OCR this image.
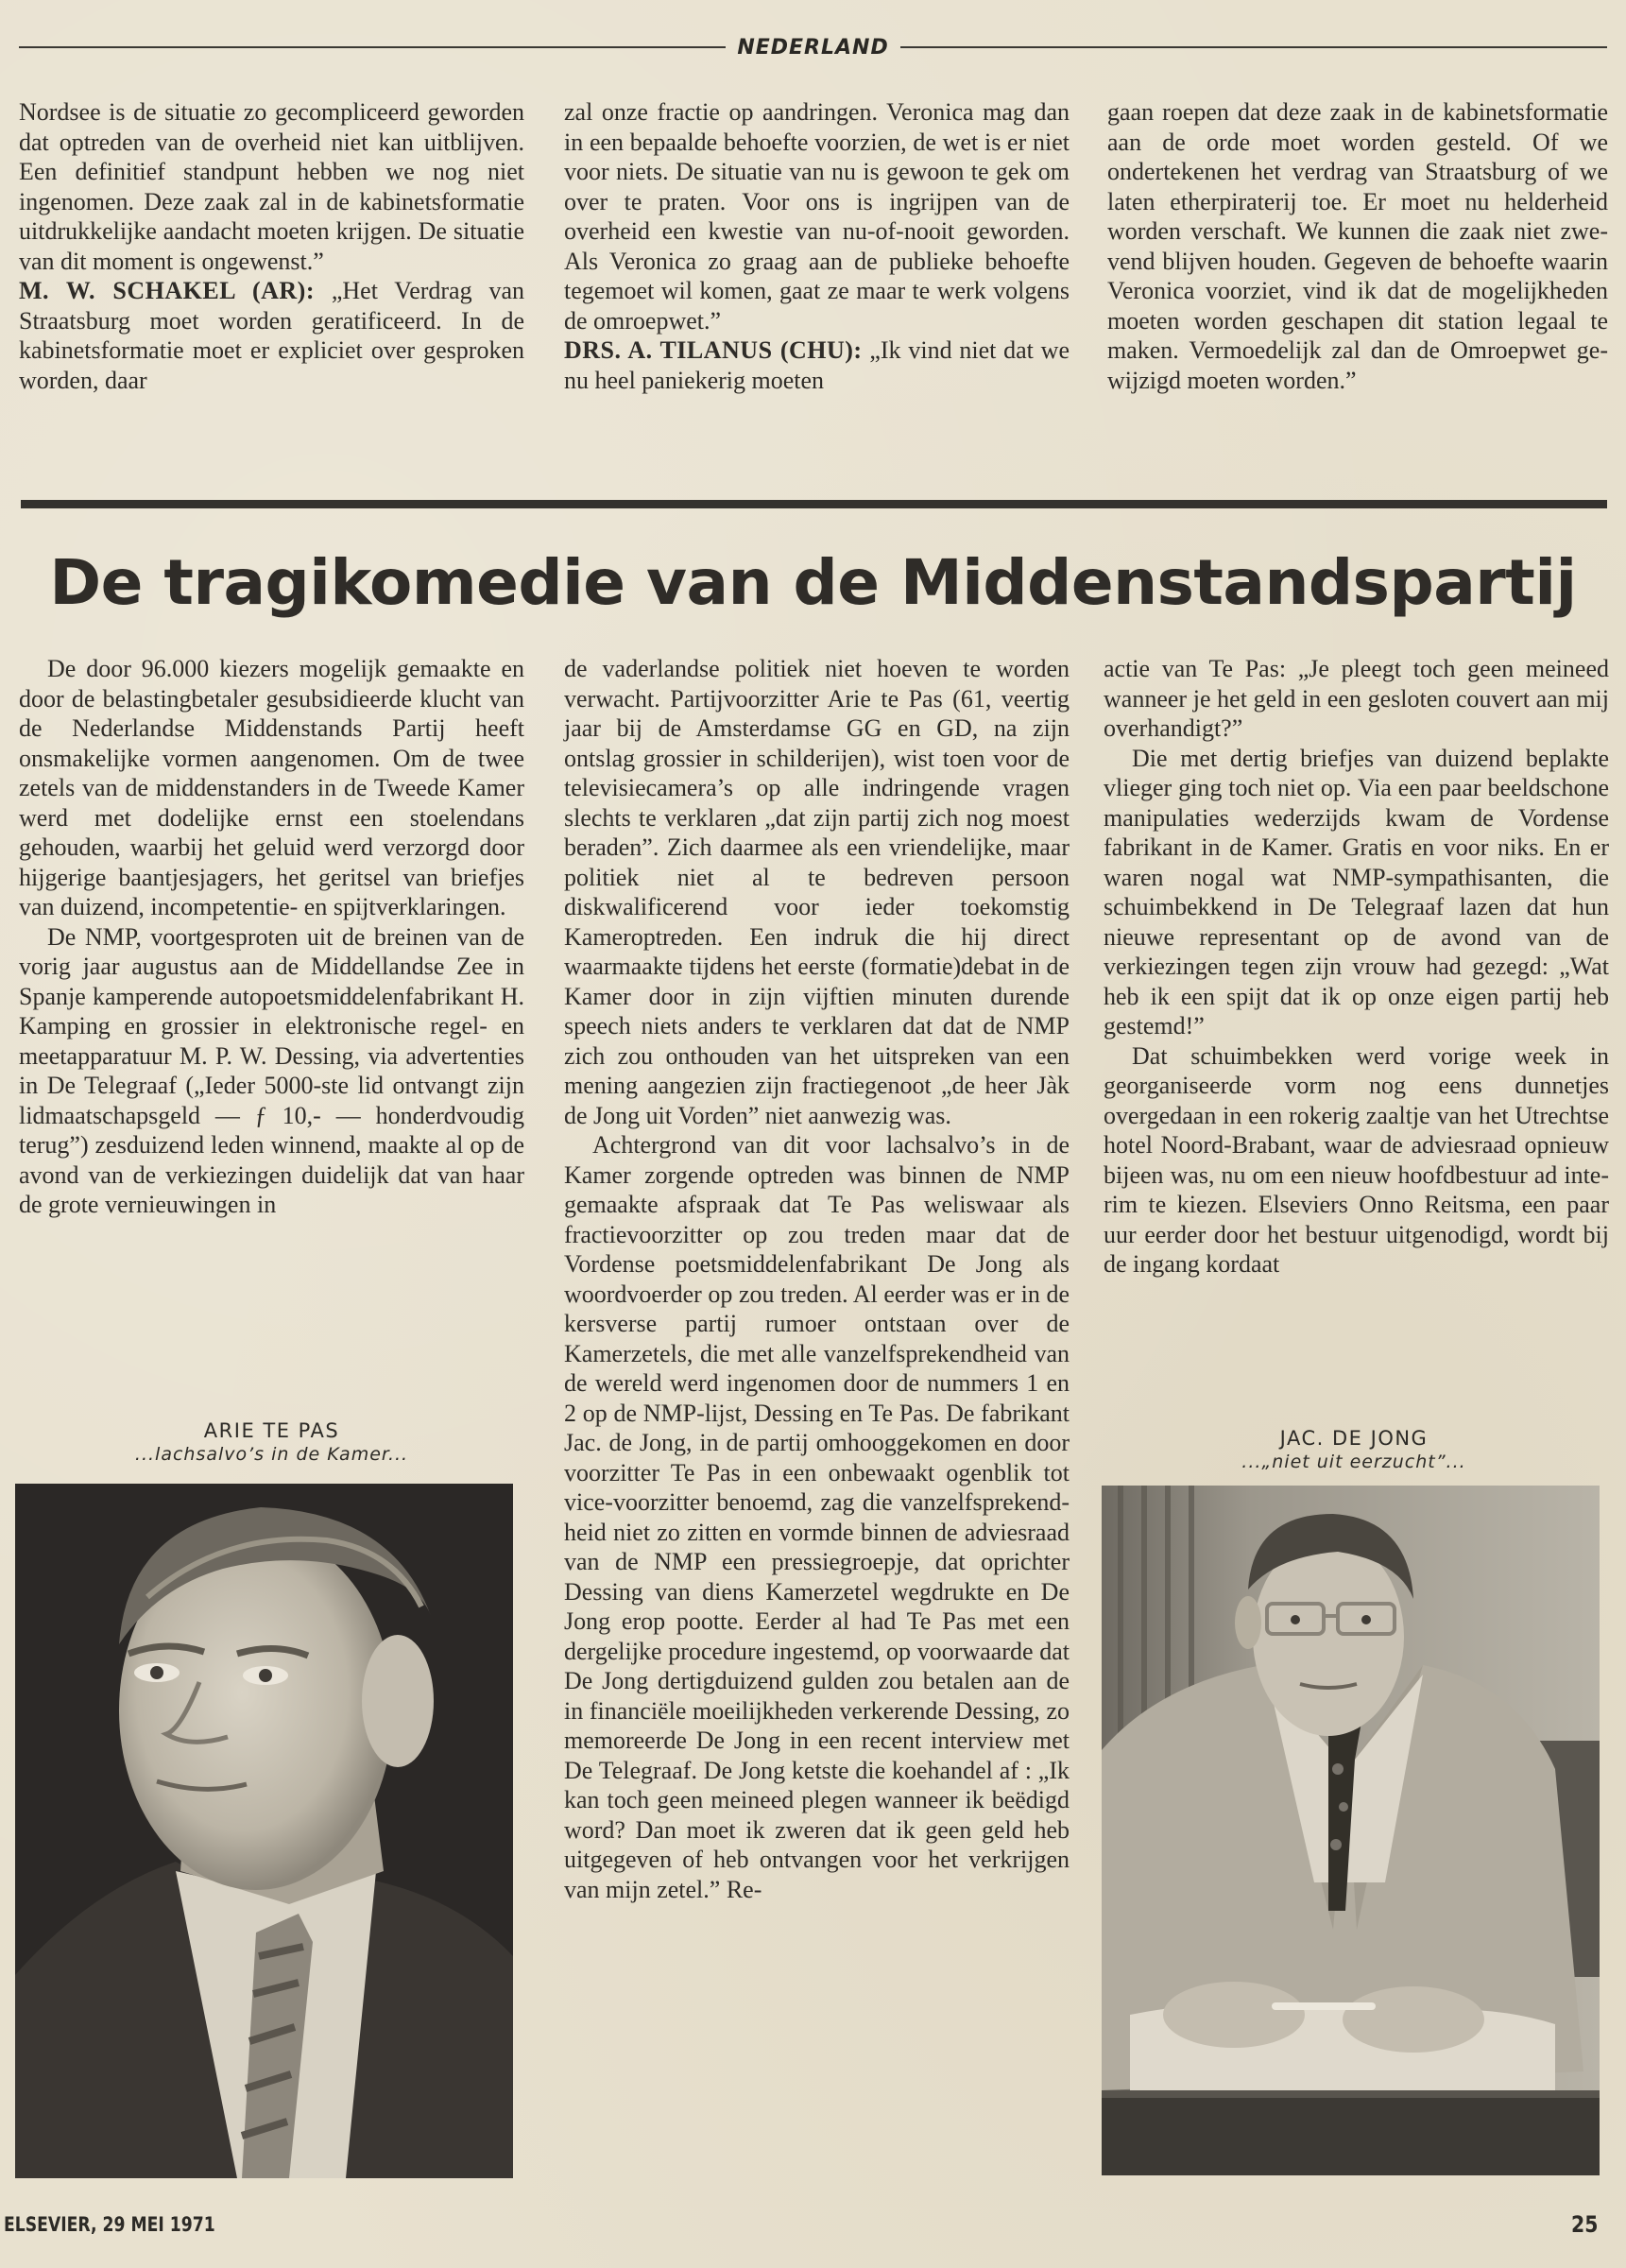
NEDERLAND

Nordsee is de situatie zo gecompliceerd geworden dat optreden van de overheid niet kan uitblijven. Een definitief standpunt hebben we nog niet ingenomen. Deze zaak zal in de kabinetsformatie uitdrukkelijke aandacht moeten krijgen. De situatie van dit moment is ongewenst.”

M. W. SCHAKEL (AR): „Het Verdrag van Straatsburg moet worden geratificeerd. In de kabinetsformatie moet er expliciet over gesproken worden, daar

zal onze fractie op aandringen. Veronica mag dan in een bepaalde behoefte voorzien, de wet is er niet voor niets. De situatie van nu is gewoon te gek om over te praten. Voor ons is ingrijpen van de overheid een kwestie van nu-of-nooit geworden. Als Veronica zo graag aan de publieke behoefte tegemoet wil komen, gaat ze maar te werk volgens de omroepwet.”

DRS. A. TILANUS (CHU): „Ik vind niet dat we nu heel paniekerig moeten

gaan roepen dat deze zaak in de kabinetsformatie aan de orde moet worden gesteld. Of we ondertekenen het verdrag van Straatsburg of we laten etherpiraterij toe. Er moet nu helderheid worden verschaft. We kunnen die zaak niet zwevend blijven houden. Gegeven de behoefte waarin Veronica voorziet, vind ik dat de mogelijkheden moeten worden geschapen dit station legaal te maken. Vermoedelijk zal dan de Omroepwet gewijzigd moeten worden.”

De tragikomedie van de Middenstandspartij

De door 96.000 kiezers mogelijk gemaakte en door de belastingbetaler gesubsidieerde klucht van de Nederlandse Middenstands Partij heeft onsmakelijke vormen aangenomen. Om de twee zetels van de middenstanders in de Tweede Kamer werd met dodelijke ernst een stoelendans gehouden, waarbij het geluid werd verzorgd door hijgerige baantjesjagers, het geritsel van briefjes van duizend, incompetentie- en spijtverklaringen.

De NMP, voortgesproten uit de breinen van de vorig jaar augustus aan de Middellandse Zee in Spanje kamperende autopoetsmiddelenfabrikant H. Kamping en grossier in elektronische regel- en meetapparatuur M. P. W. Dessing, via advertenties in De Telegraaf („Ieder 5000-ste lid ontvangt zijn lidmaatschapsgeld — ƒ 10,- — honderdvoudig terug”) zesduizend leden winnend, maakte al op de avond van de verkiezingen duidelijk dat van haar de grote vernieuwingen in

de vaderlandse politiek niet hoeven te worden verwacht. Partijvoorzitter Arie te Pas (61, veertig jaar bij de Amsterdamse GG en GD, na zijn ontslag grossier in schilderijen), wist toen voor de televisiecamera’s op alle indringende vragen slechts te verklaren „dat zijn partij zich nog moest beraden”. Zich daarmee als een vriendelijke, maar politiek niet al te bedreven persoon diskwalificerend voor ieder toekomstig Kameroptreden. Een indruk die hij direct waarmaakte tijdens het eerste (formatie)debat in de Kamer door in zijn vijftien minuten durende speech niets anders te verklaren dat dat de NMP zich zou onthouden van het uitspreken van een mening aangezien zijn fractiegenoot „de heer Jàk de Jong uit Vorden” niet aanwezig was.

Achtergrond van dit voor lachsalvo’s in de Kamer zorgende optreden was binnen de NMP gemaakte afspraak dat Te Pas weliswaar als fractievoorzitter op zou treden maar dat de Vordense poetsmiddelenfabrikant De Jong als woordvoerder op zou treden. Al eerder was er in de kersverse partij rumoer ontstaan over de Kamerzetels, die met alle vanzelfsprekendheid van de wereld werd ingenomen door de nummers 1 en 2 op de NMP-lijst, Dessing en Te Pas. De fabrikant Jac. de Jong, in de partij omhooggekomen en door voorzitter Te Pas in een onbewaakt ogenblik tot vice-voorzitter benoemd, zag die vanzelfsprekendheid niet zo zitten en vormde binnen de adviesraad van de NMP een pressiegroepje, dat oprichter Dessing van diens Kamerzetel wegdrukte en De Jong erop pootte. Eerder al had Te Pas met een dergelijke procedure ingestemd, op voorwaarde dat De Jong dertigduizend gulden zou betalen aan de in financiële moeilijkheden verkerende Dessing, zo memoreerde De Jong in een recent interview met De Telegraaf. De Jong ketste die koehandel af : „Ik kan toch geen meineed plegen wanneer ik beëdigd word? Dan moet ik zweren dat ik geen geld heb uitgegeven of heb ontvangen voor het verkrijgen van mijn zetel.” Re-

actie van Te Pas: „Je pleegt toch geen meineed wanneer je het geld in een gesloten couvert aan mij overhandigt?”

Die met dertig briefjes van duizend beplakte vlieger ging toch niet op. Via een paar beeldschone manipulaties wederzijds kwam de Vordense fabrikant in de Kamer. Gratis en voor niks. En er waren nogal wat NMP-sympathisanten, die schuimbekkend in De Telegraaf lazen dat hun nieuwe representant op de avond van de verkiezingen tegen zijn vrouw had gezegd: „Wat heb ik een spijt dat ik op onze eigen partij heb gestemd!”

Dat schuimbekken werd vorige week in georganiseerde vorm nog eens dunnetjes overgedaan in een rokerig zaaltje van het Utrechtse hotel Noord-Brabant, waar de adviesraad opnieuw bijeen was, nu om een nieuw hoofdbestuur ad interim te kiezen. Elseviers Onno Reitsma, een paar uur eerder door het bestuur uitgenodigd, wordt bij de ingang kordaat

ARIE TE PAS
...lachsalvo’s in de Kamer...
JAC. DE JONG
...„niet uit eerzucht”...
ELSEVIER, 29 MEI 1971	25
